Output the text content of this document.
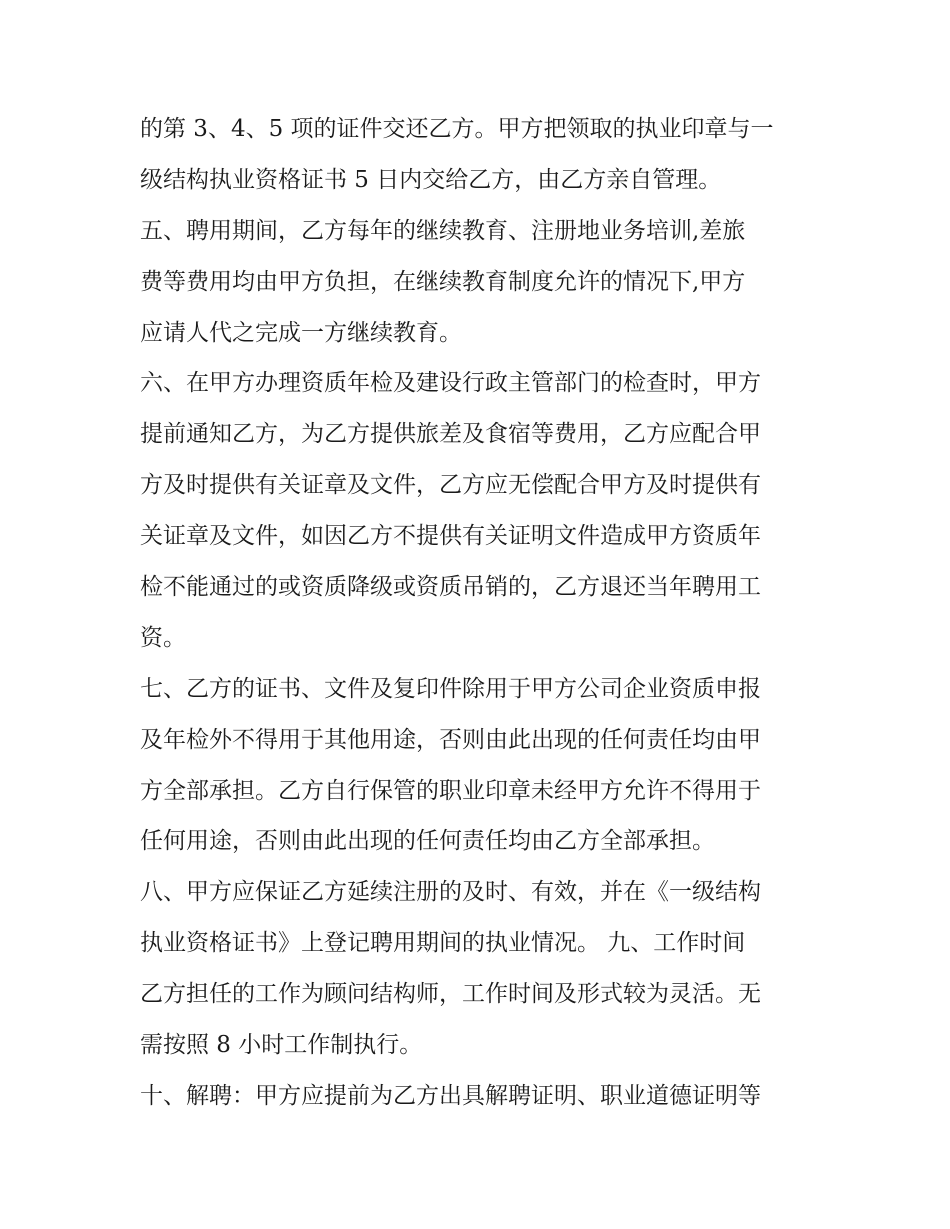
的第 3、4、5 项的证件交还乙方。甲方把领取的执业印章与一
级结构执业资格证书 5 日内交给乙方，由乙方亲自管理。
五、聘用期间，乙方每年的继续教育、注册地业务培训,差旅
费等费用均由甲方负担，在继续教育制度允许的情况下,甲方
应请人代之完成一方继续教育。
六、在甲方办理资质年检及建设行政主管部门的检查时，甲方
提前通知乙方，为乙方提供旅差及食宿等费用，乙方应配合甲
方及时提供有关证章及文件，乙方应无偿配合甲方及时提供有
关证章及文件，如因乙方不提供有关证明文件造成甲方资质年
检不能通过的或资质降级或资质吊销的，乙方退还当年聘用工
资。
七、乙方的证书、文件及复印件除用于甲方公司企业资质申报
及年检外不得用于其他用途，否则由此出现的任何责任均由甲
方全部承担。乙方自行保管的职业印章未经甲方允许不得用于
任何用途，否则由此出现的任何责任均由乙方全部承担。
八、甲方应保证乙方延续注册的及时、有效，并在《一级结构
执业资格证书》上登记聘用期间的执业情况。 九、工作时间
乙方担任的工作为顾问结构师，工作时间及形式较为灵活。无
需按照 8 小时工作制执行。
十、解聘：甲方应提前为乙方出具解聘证明、职业道德证明等
